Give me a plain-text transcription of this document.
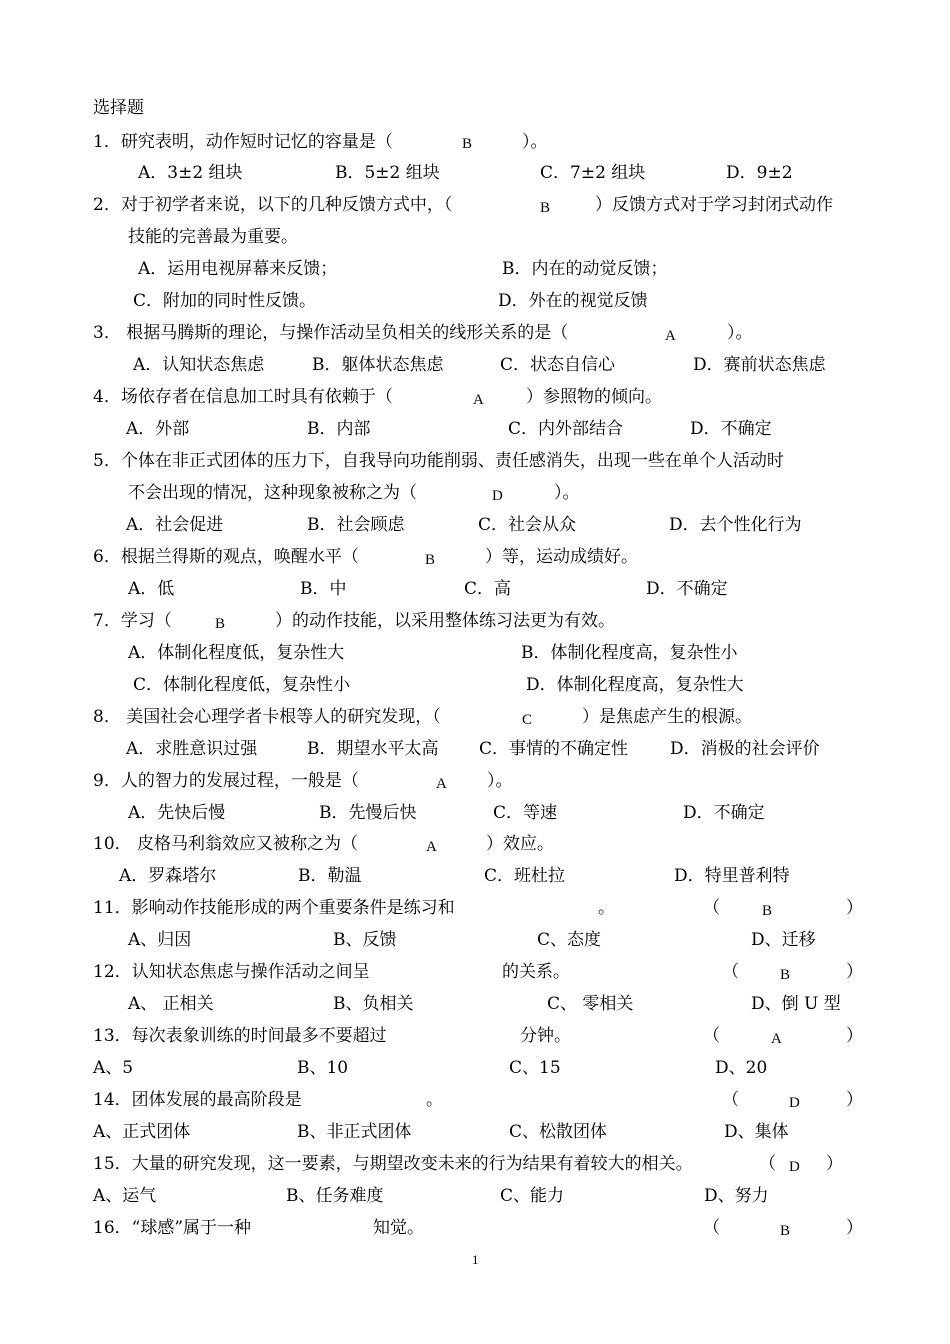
选择题
1．研究表明，动作短时记忆的容量是（	B	）。
A．3±2 组块	B．5±2 组块	C．7±2 组块	D．9±2
2．对于初学者来说，以下的几种反馈方式中，（	B	）反馈方式对于学习封闭式动作
技能的完善最为重要。
A．运用电视屏幕来反馈；	B．内在的动觉反馈；
C．附加的同时性反馈。	D．外在的视觉反馈
3． 根据马腾斯的理论，与操作活动呈负相关的线形关系的是（	A	）。
A．认知状态焦虑	B．躯体状态焦虑	C．状态自信心	D．赛前状态焦虑
4．场依存者在信息加工时具有依赖于（	A ）参照物的倾向。
A．外部	B．内部	C．内外部结合	D．不确定
5．个体在非正式团体的压力下，自我导向功能削弱、责任感消失，出现一些在单个人活动时
不会出现的情况，这种现象被称之为（	D	）。
A．社会促进	B．社会顾虑	C．社会从众	D．去个性化行为
6．根据兰得斯的观点，唤醒水平（	B	）等，运动成绩好。
A．低	B．中	C．高	D．不确定
7．学习（	B	）的动作技能，以采用整体练习法更为有效。
A．体制化程度低，复杂性大	B．体制化程度高，复杂性小
C．体制化程度低，复杂性小	D．体制化程度高，复杂性大
8． 美国社会心理学者卡根等人的研究发现，（	C	）是焦虑产生的根源。
A．求胜意识过强	B．期望水平太高 C．事情的不确定性 D．消极的社会评价
9．人的智力的发展过程，一般是（	A ）。
A．先快后慢	B．先慢后快	C．等速	D．不确定
10． 皮格马利翁效应又被称之为（	A	）效应。
A．罗森塔尔	B．勒温	C．班杜拉	D．特里普利特
11．影响动作技能形成的两个重要条件是练习和	。	（	B	）
A、归因	B、反馈	C、态度	D、迁移
12．认知状态焦虑与操作活动之间呈	的关系。	（	B	）
A、 正相关	B、负相关	C、 零相关	D、倒 U 型
13．每次表象训练的时间最多不要超过	分钟。	（	A	）
A、5	B、10	C、15	D、20
14．团体发展的最高阶段是	。	（	D	）
A、正式团体	B、非正式团体	C、松散团体	D、集体
15．大量的研究发现，这一要素，与期望改变未来的行为结果有着较大的相关。	（ D ）
A、运气	B、任务难度	C、能力	D、努力
16．“球感”属于一种	知觉。	（	B	）
1
